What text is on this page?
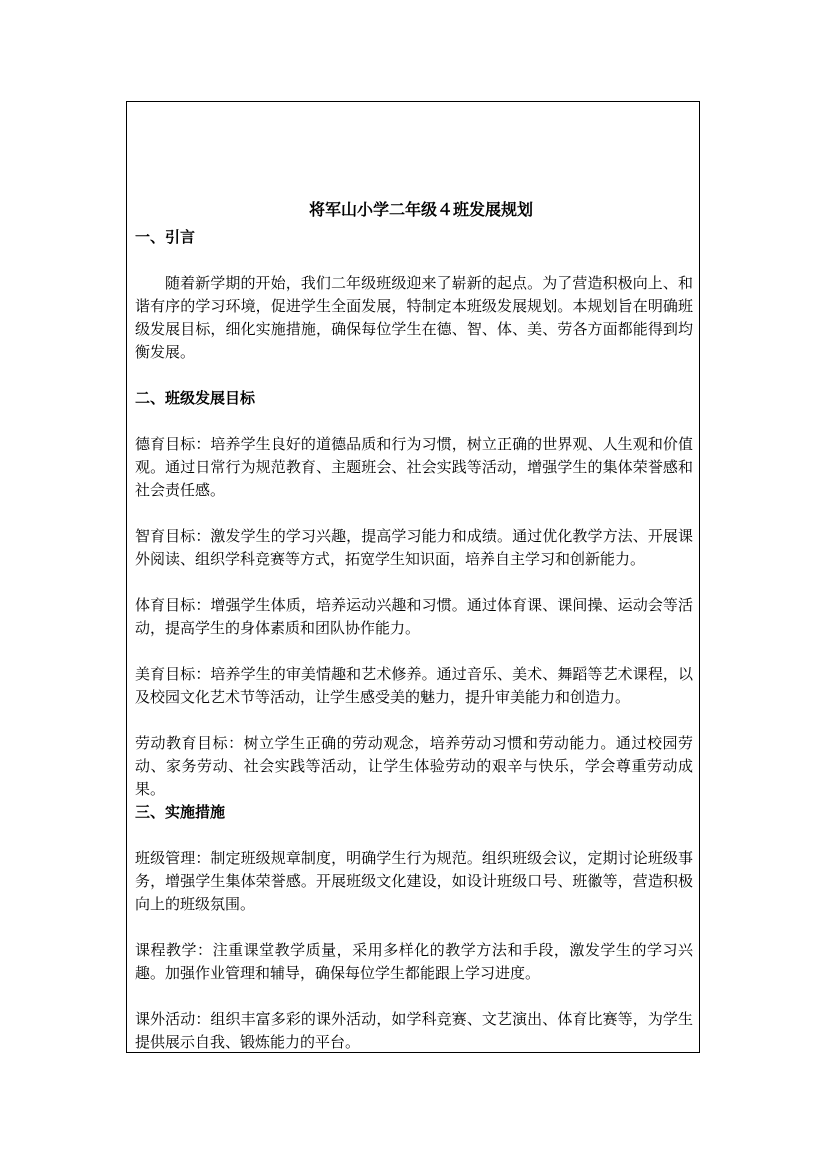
将军山小学二年级４班发展规划

一、引言

随着新学期的开始，我们二年级班级迎来了崭新的起点。为了营造积极向上、和谐有序的学习环境，促进学生全面发展，特制定本班级发展规划。本规划旨在明确班级发展目标，细化实施措施，确保每位学生在德、智、体、美、劳各方面都能得到均衡发展。

二、班级发展目标

德育目标：培养学生良好的道德品质和行为习惯，树立正确的世界观、人生观和价值观。通过日常行为规范教育、主题班会、社会实践等活动，增强学生的集体荣誉感和社会责任感。

智育目标：激发学生的学习兴趣，提高学习能力和成绩。通过优化教学方法、开展课外阅读、组织学科竞赛等方式，拓宽学生知识面，培养自主学习和创新能力。

体育目标：增强学生体质，培养运动兴趣和习惯。通过体育课、课间操、运动会等活动，提高学生的身体素质和团队协作能力。

美育目标：培养学生的审美情趣和艺术修养。通过音乐、美术、舞蹈等艺术课程，以及校园文化艺术节等活动，让学生感受美的魅力，提升审美能力和创造力。

劳动教育目标：树立学生正确的劳动观念，培养劳动习惯和劳动能力。通过校园劳动、家务劳动、社会实践等活动，让学生体验劳动的艰辛与快乐，学会尊重劳动成果。

三、实施措施

班级管理：制定班级规章制度，明确学生行为规范。组织班级会议，定期讨论班级事务，增强学生集体荣誉感。开展班级文化建设，如设计班级口号、班徽等，营造积极向上的班级氛围。

课程教学：注重课堂教学质量，采用多样化的教学方法和手段，激发学生的学习兴趣。加强作业管理和辅导，确保每位学生都能跟上学习进度。

课外活动：组织丰富多彩的课外活动，如学科竞赛、文艺演出、体育比赛等，为学生提供展示自我、锻炼能力的平台。
